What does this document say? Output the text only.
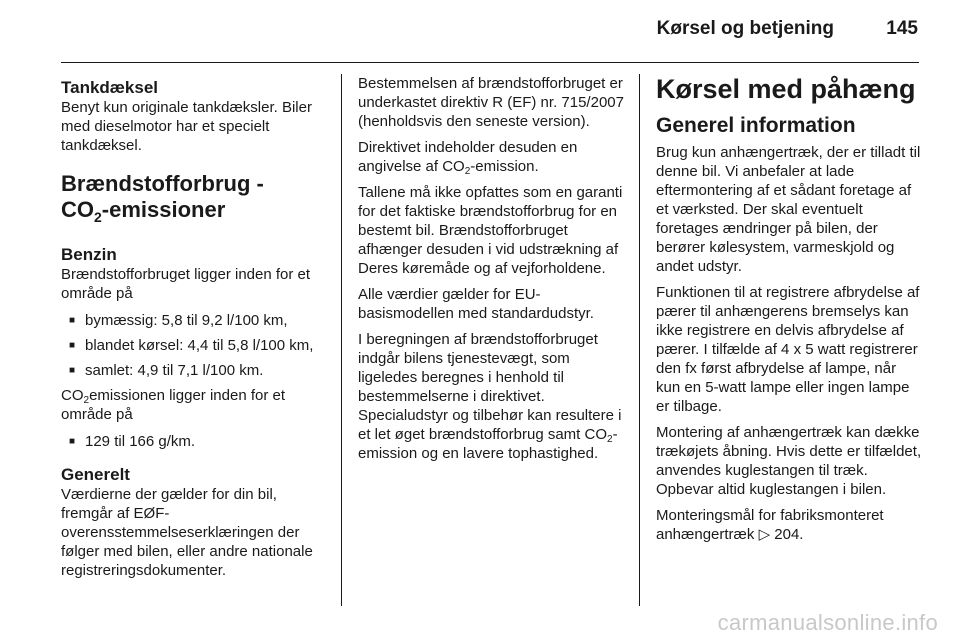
Kørsel og betjening	145
Tankdæksel

Benyt kun originale tankdæksler. Biler med dieselmotor har et specielt tankdæksel.

Brændstofforbrug -
$CO_2$-emissioner
Benzin

Brændstofforbruget ligger inden for et område på

■ bymæssig: 5,8 til 9,2 l/100 km,
■ blandet kørsel: 4,4 til 5,8 l/100 km,
■ samlet: 4,9 til 7,1 l/100 km.

$CO_2emissionen$ ligger inden for et område på

■ 129 til 166 g/km.
Generelt

Værdierne der gælder for din bil, fremgår af EØF-overensstemmelseserklæringen der følger med bilen, eller andre nationale registreringsdokumenter.

Bestemmelsen af brændstofforbruget er underkastet direktiv R (EF) nr. 715/2007 (henholdsvis den seneste version).

Direktivet indeholder desuden en angivelse af $CO_2$-emission.

Tallene må ikke opfattes som en garanti for det faktiske brændstofforbrug for en bestemt bil. Brændstofforbruget afhænger desuden i vid udstrækning af Deres køremåde og af vejforholdene.

Alle værdier gælder for EU-basismodellen med standardudstyr.

I beregningen af brændstofforbruget indgår bilens tjenestevægt, som ligeledes beregnes i henhold til bestemmelserne i direktivet. Specialudstyr og tilbehør kan resultere i et let øget brændstofforbrug samt $CO_2$-emission og en lavere tophastighed.

Kørsel med påhæng
Generel information

Brug kun anhængertræk, der er tilladt til denne bil. Vi anbefaler at lade eftermontering af et sådant foretage af et værksted. Der skal eventuelt foretages ændringer på bilen, der berører kølesystem, varmeskjold og andet udstyr.

Funktionen til at registrere afbrydelse af pærer til anhængerens bremselys kan ikke registrere en delvis afbrydelse af pærer. I tilfælde af 4 x 5 watt registrerer den fx først afbrydelse af lampe, når kun en 5-watt lampe eller ingen lampe er tilbage.

Montering af anhængertræk kan dække trækøjets åbning. Hvis dette er tilfældet, anvendes kuglestangen til træk. Opbevar altid kuglestangen i bilen.

Monteringsmål for fabriksmonteret anhængertræk ▷ 204.

carmanualsonline.info
